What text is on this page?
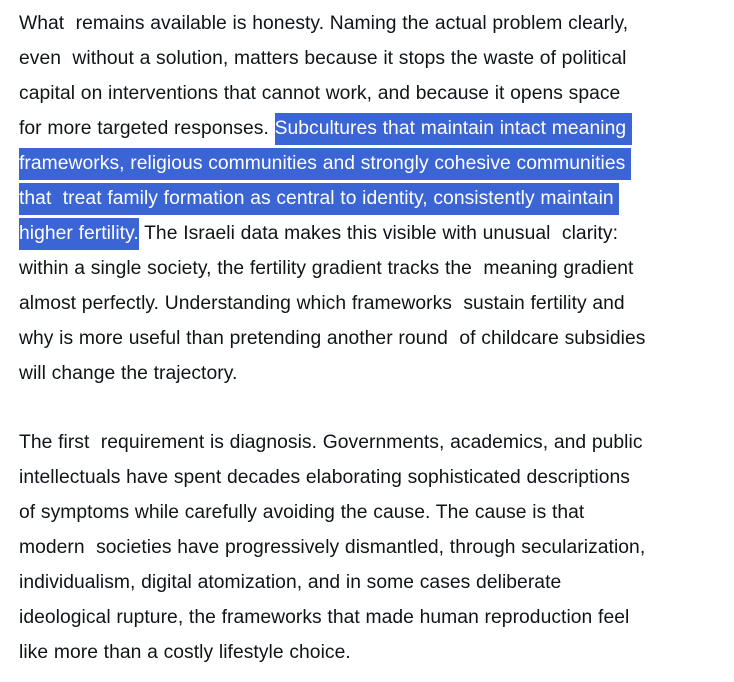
What  remains available is honesty. Naming the actual problem clearly,
even  without a solution, matters because it stops the waste of political
capital on interventions that cannot work, and because it opens space
for more targeted responses. Subcultures that maintain intact meaning
frameworks, religious communities and strongly cohesive communities
that  treat family formation as central to identity, consistently maintain
higher fertility. The Israeli data makes this visible with unusual  clarity:
within a single society, the fertility gradient tracks the  meaning gradient
almost perfectly. Understanding which frameworks  sustain fertility and
why is more useful than pretending another round  of childcare subsidies
will change the trajectory.

The first  requirement is diagnosis. Governments, academics, and public
intellectuals have spent decades elaborating sophisticated descriptions
of symptoms while carefully avoiding the cause. The cause is that
modern  societies have progressively dismantled, through secularization,
individualism, digital atomization, and in some cases deliberate
ideological rupture, the frameworks that made human reproduction feel
like more than a costly lifestyle choice.
